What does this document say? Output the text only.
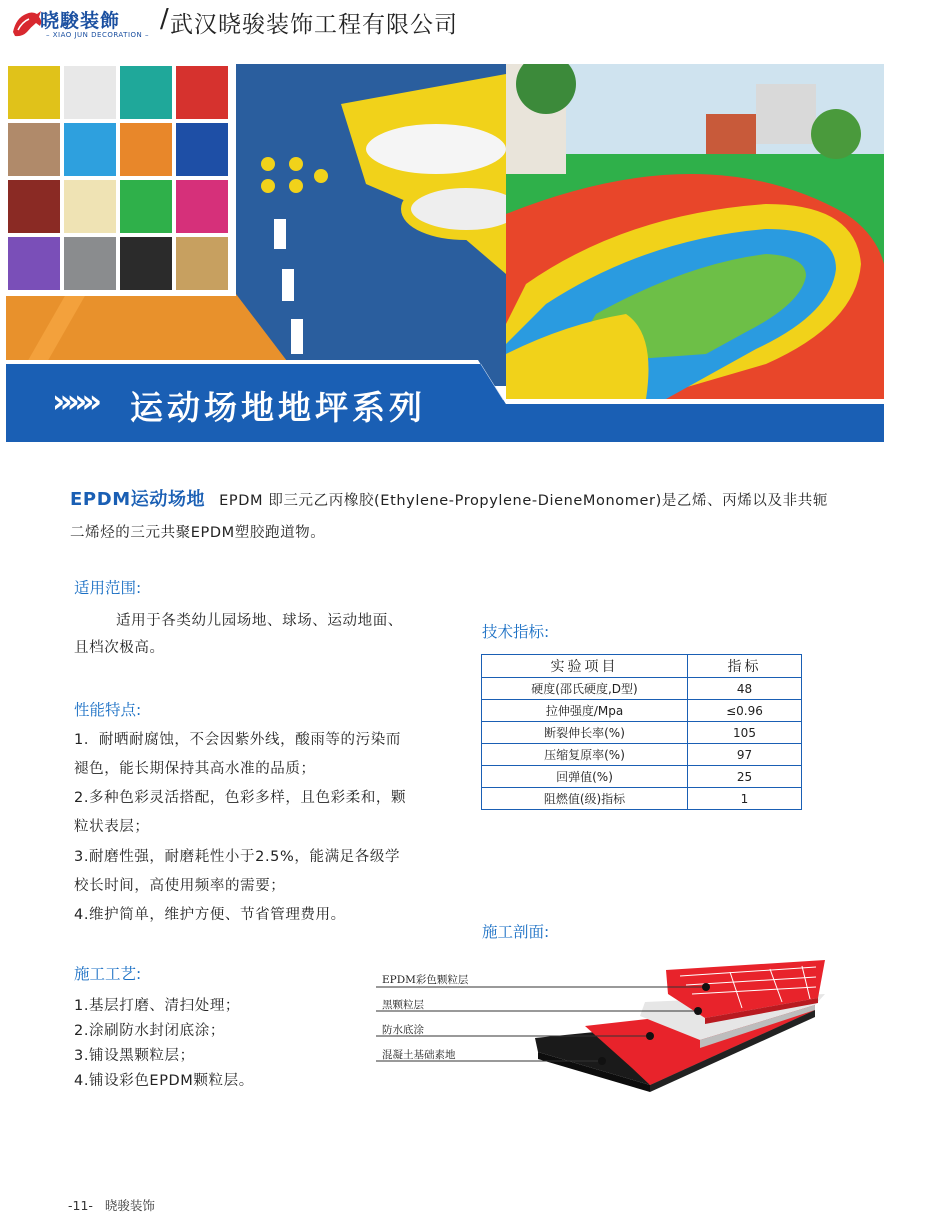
晓駿装飾
– XIAO JUN DECORATION –
/ 武汉晓骏装饰工程有限公司
»»» 运动场地地坪系列
EPDM运动场地 EPDM 即三元乙丙橡胶(Ethylene-Propylene-DieneMonomer)是乙烯、丙烯以及非共轭二烯烃的三元共聚EPDM塑胶跑道物。
适用范围:
适用于各类幼儿园场地、球场、运动地面、
且档次极高。
性能特点:
1．耐晒耐腐蚀，不会因紫外线，酸雨等的污染而
褪色，能长期保持其高水准的品质；
2.多种色彩灵活搭配，色彩多样，且色彩柔和，颗
粒状表层；
3.耐磨性强，耐磨耗性小于2.5%，能满足各级学
校长时间，高使用频率的需要；
4.维护简单，维护方便、节省管理费用。
施工工艺:
1.基层打磨、清扫处理；
2.涂刷防水封闭底涂；
3.铺设黑颗粒层；
4.铺设彩色EPDM颗粒层。
技术指标:
实验项目	指标
硬度(邵氏硬度,D型)	48
拉伸强度/Mpa	≤0.96
断裂伸长率(%)	105
压缩复原率(%)	97
回弹值(%)	25
阻燃值(级)指标	1
施工剖面:
EPDM彩色颗粒层
黑颗粒层
防水底涂
混凝土基础素地
-11- 晓骏装饰
